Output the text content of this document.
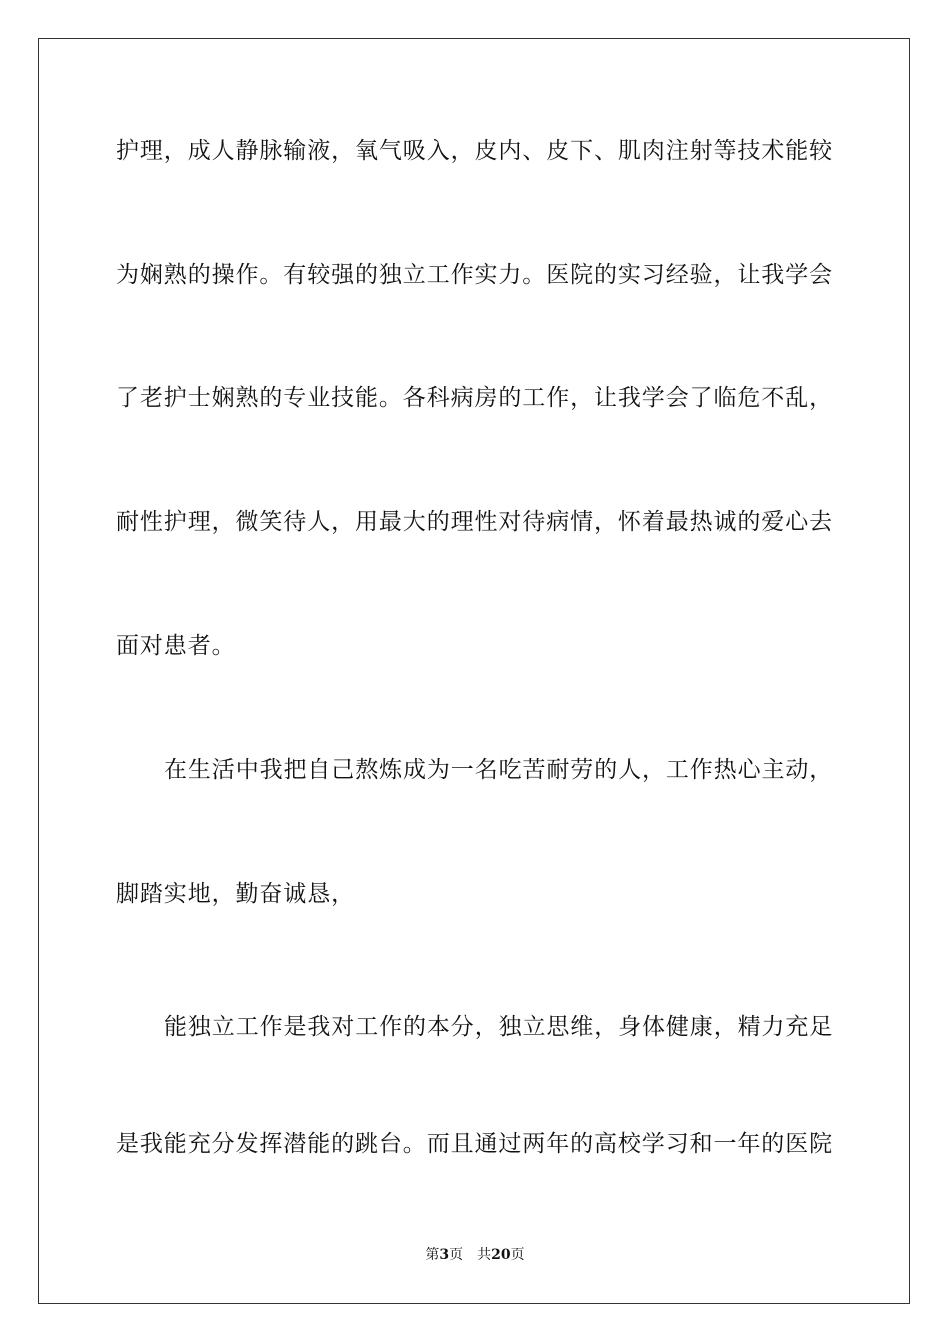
护理，成人静脉输液，氧气吸入，皮内、皮下、肌肉注射等技术能较
为娴熟的操作。有较强的独立工作实力。医院的实习经验，让我学会
了老护士娴熟的专业技能。各科病房的工作，让我学会了临危不乱，
耐性护理，微笑待人，用最大的理性对待病情，怀着最热诚的爱心去
面对患者。
在生活中我把自己熬炼成为一名吃苦耐劳的人，工作热心主动，
脚踏实地，勤奋诚恳，
能独立工作是我对工作的本分，独立思维，身体健康，精力充足
是我能充分发挥潜能的跳台。而且通过两年的高校学习和一年的医院
第3页 共20页
